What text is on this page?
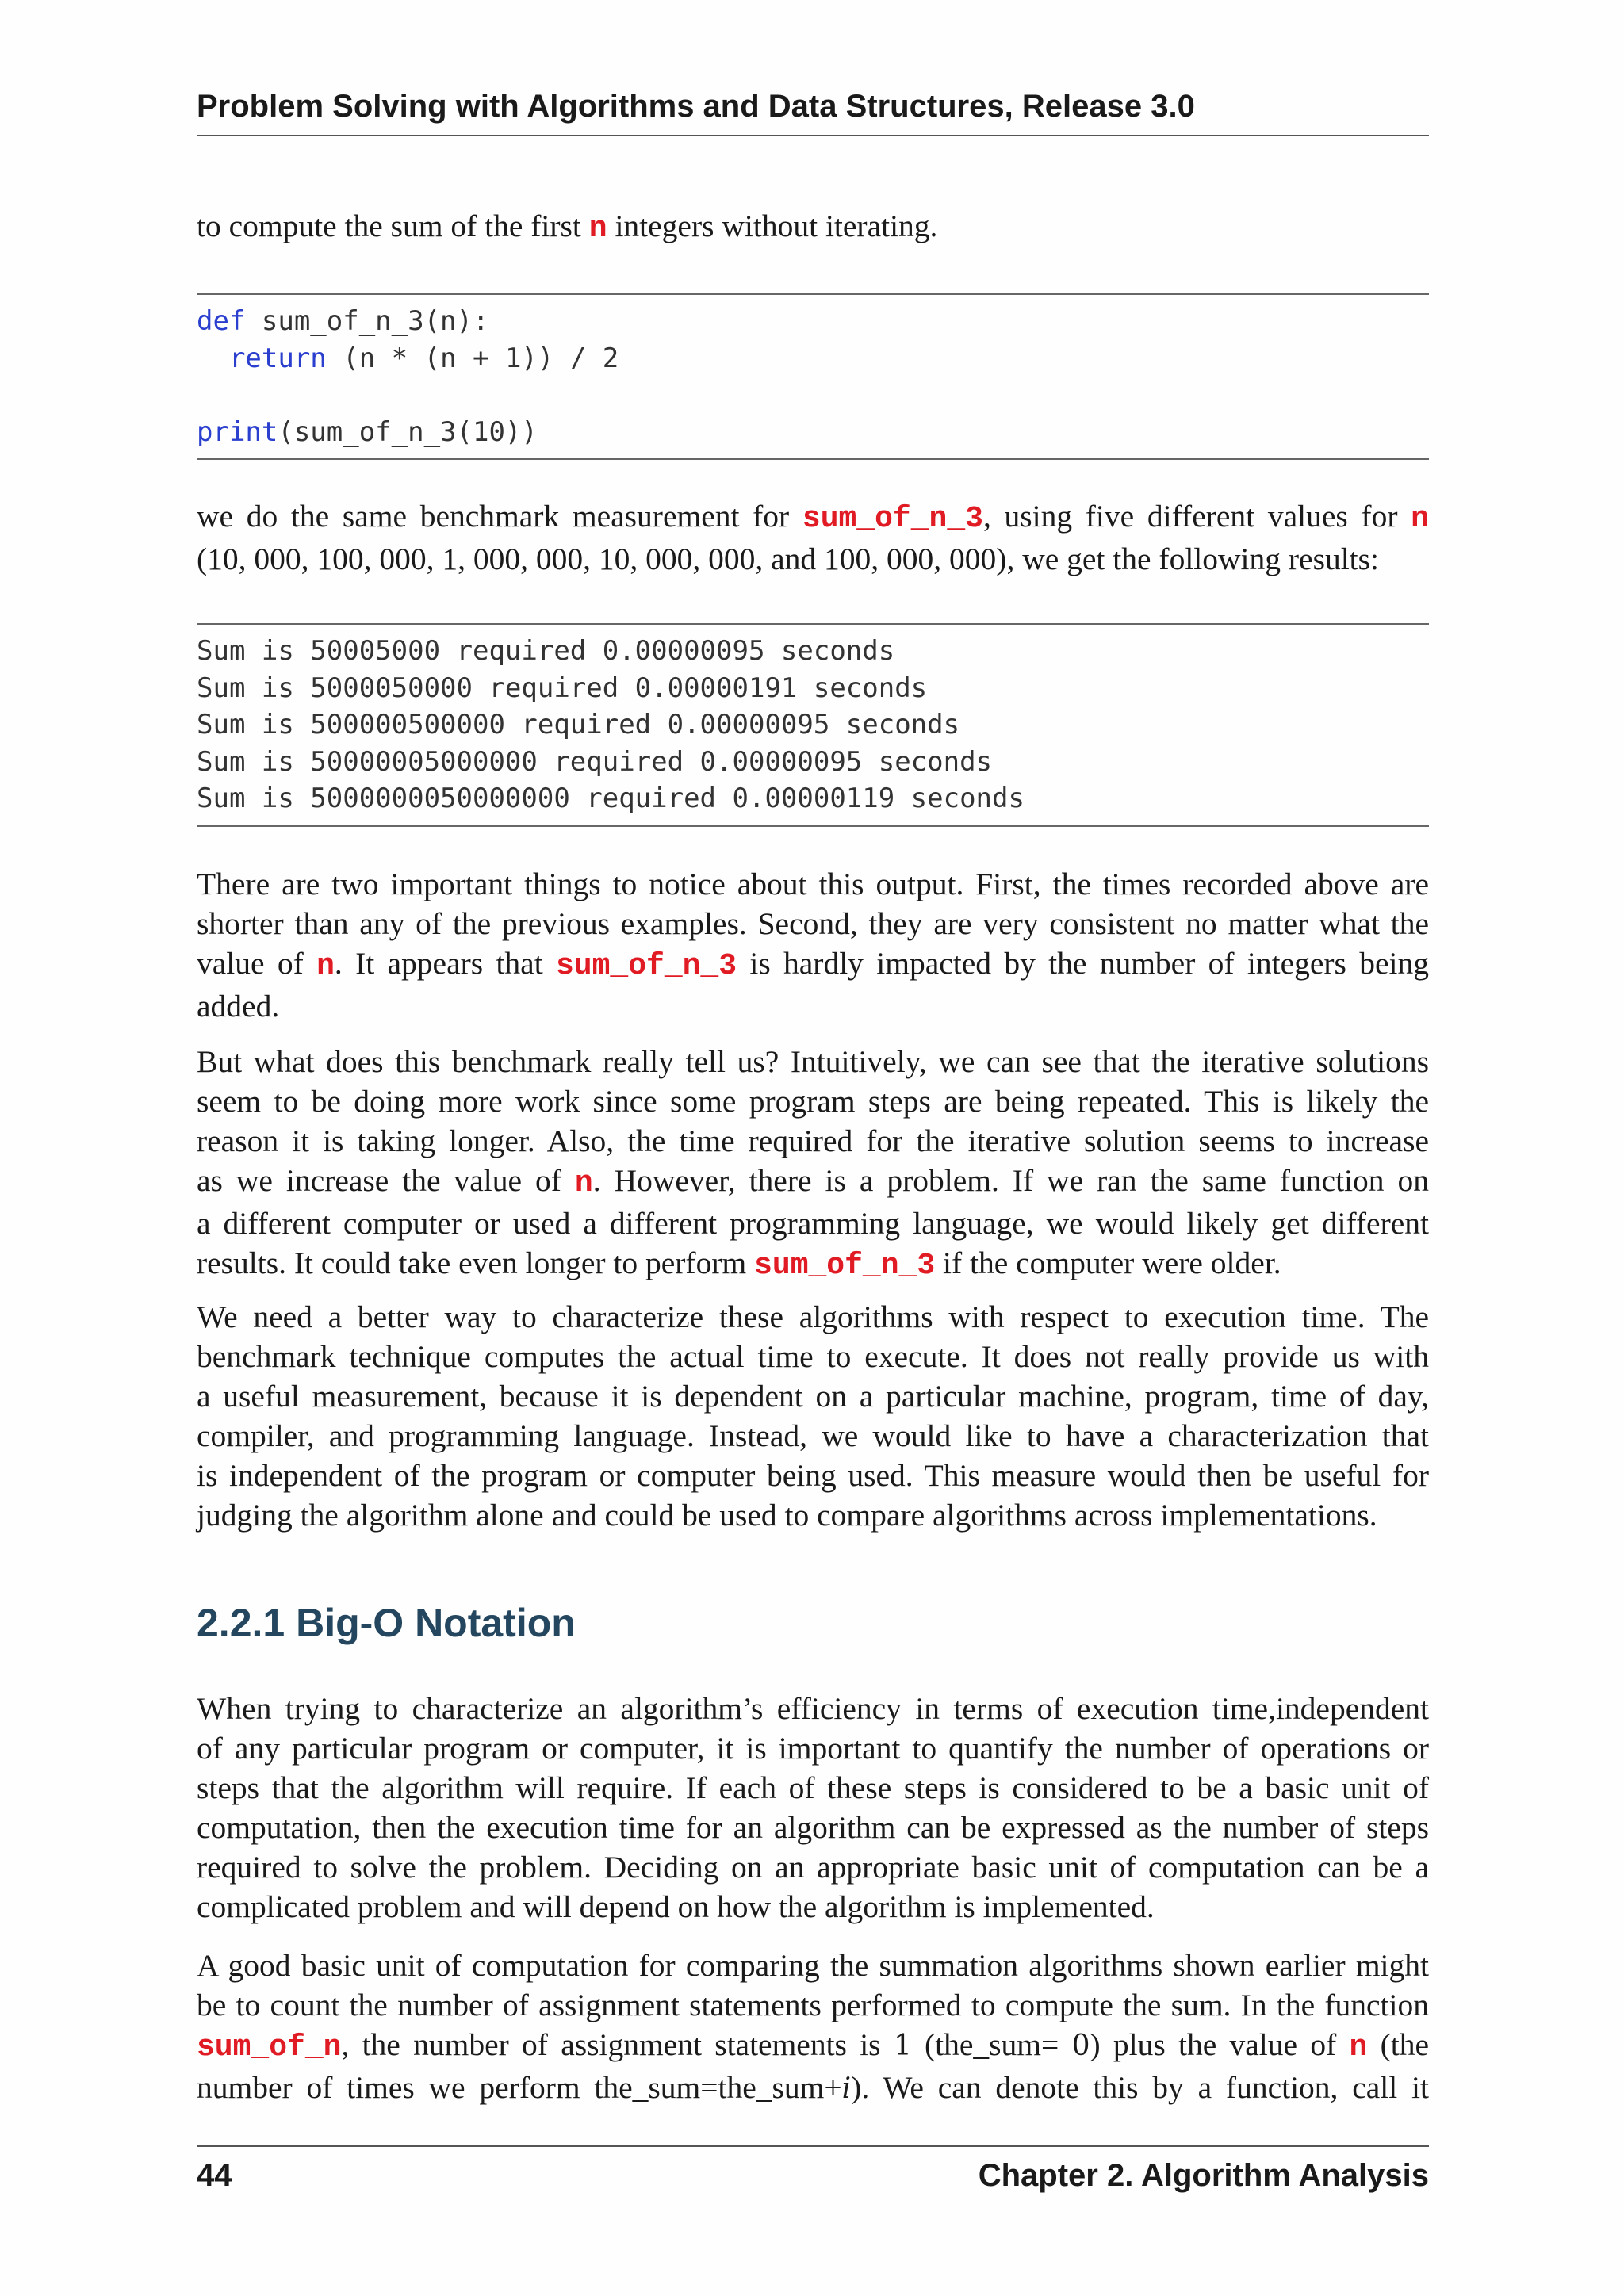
Problem Solving with Algorithms and Data Structures, Release 3.0
to compute the sum of the first n integers without iterating.
def sum_of_n_3(n):
return (n * (n + 1)) / 2

print(sum_of_n_3(10))
we do the same benchmark measurement for sum_of_n_3, using five different values for n
(10, 000, 100, 000, 1, 000, 000, 10, 000, 000, and 100, 000, 000), we get the following results:
Sum is 50005000 required 0.00000095 seconds
Sum is 5000050000 required 0.00000191 seconds
Sum is 500000500000 required 0.00000095 seconds
Sum is 50000005000000 required 0.00000095 seconds
Sum is 5000000050000000 required 0.00000119 seconds
There are two important things to notice about this output. First, the times recorded above are
shorter than any of the previous examples. Second, they are very consistent no matter what the
value of n. It appears that sum_of_n_3 is hardly impacted by the number of integers being
added.
But what does this benchmark really tell us? Intuitively, we can see that the iterative solutions
seem to be doing more work since some program steps are being repeated. This is likely the
reason it is taking longer. Also, the time required for the iterative solution seems to increase
as we increase the value of n. However, there is a problem. If we ran the same function on
a different computer or used a different programming language, we would likely get different
results. It could take even longer to perform sum_of_n_3 if the computer were older.
We need a better way to characterize these algorithms with respect to execution time. The
benchmark technique computes the actual time to execute. It does not really provide us with
a useful measurement, because it is dependent on a particular machine, program, time of day,
compiler, and programming language. Instead, we would like to have a characterization that
is independent of the program or computer being used. This measure would then be useful for
judging the algorithm alone and could be used to compare algorithms across implementations.
2.2.1 Big-O Notation
When trying to characterize an algorithm’s efficiency in terms of execution time,independent
of any particular program or computer, it is important to quantify the number of operations or
steps that the algorithm will require. If each of these steps is considered to be a basic unit of
computation, then the execution time for an algorithm can be expressed as the number of steps
required to solve the problem. Deciding on an appropriate basic unit of computation can be a
complicated problem and will depend on how the algorithm is implemented.
A good basic unit of computation for comparing the summation algorithms shown earlier might
be to count the number of assignment statements performed to compute the sum. In the function
sum_of_n, the number of assignment statements is 1 (the_sum= 0) plus the value of n (the
number of times we perform the_sum=the_sum+i). We can denote this by a function, call it
44	Chapter 2. Algorithm Analysis
